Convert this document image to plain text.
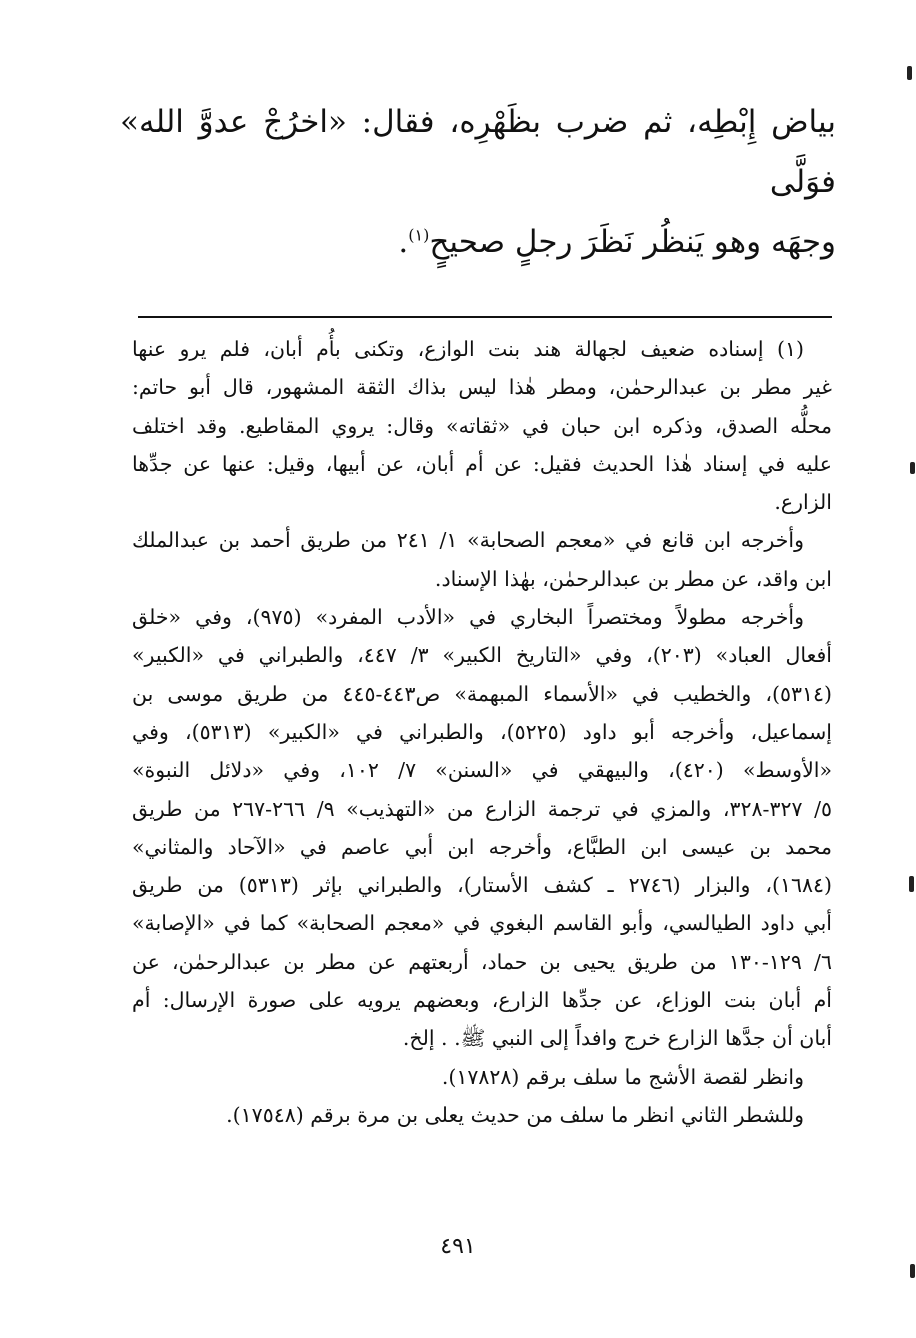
بياض إِبْطِه، ثم ضرب بظَهْرِه، فقال: «اخرُجْ عدوَّ الله» فوَلَّى
وجهَه وهو يَنظُر نَظَرَ رجلٍ صحيحٍ$^{(١)}$.

(١) إسناده ضعيف لجهالة هند بنت الوازع، وتكنى بأُم أبان، فلم يرو عنها
غير مطر بن عبدالرحمٰن، ومطر هٰذا ليس بذاك الثقة المشهور، قال أبو حاتم:
محلُّه الصدق، وذكره ابن حبان في «ثقاته» وقال: يروي المقاطيع. وقد اختلف
عليه في إسناد هٰذا الحديث فقيل: عن أم أبان، عن أبيها، وقيل: عنها عن جدِّها
الزارع.

وأخرجه ابن قانع في «معجم الصحابة» ١/ ٢٤١ من طريق أحمد بن عبدالملك
ابن واقد، عن مطر بن عبدالرحمٰن، بهٰذا الإسناد.

وأخرجه مطولاً ومختصراً البخاري في «الأدب المفرد» (٩٧٥)، وفي «خلق
أفعال العباد» (٢٠٣)، وفي «التاريخ الكبير» ٣/ ٤٤٧، والطبراني في «الكبير»
(٥٣١٤)، والخطيب في «الأسماء المبهمة» ص٤٤٣-٤٤٥ من طريق موسى بن
إسماعيل، وأخرجه أبو داود (٥٢٢٥)، والطبراني في «الكبير» (٥٣١٣)، وفي
«الأوسط» (٤٢٠)، والبيهقي في «السنن» ٧/ ١٠٢، وفي «دلائل النبوة»
٥/ ٣٢٧-٣٢٨، والمزي في ترجمة الزارع من «التهذيب» ٩/ ٢٦٦-٢٦٧ من طريق
محمد بن عيسى ابن الطبَّاع، وأخرجه ابن أبي عاصم في «الآحاد والمثاني»
(١٦٨٤)، والبزار (٢٧٤٦ ـ كشف الأستار)، والطبراني بإثر (٥٣١٣) من طريق
أبي داود الطيالسي، وأبو القاسم البغوي في «معجم الصحابة» كما في «الإصابة»
٦/ ١٢٩-١٣٠ من طريق يحيى بن حماد، أربعتهم عن مطر بن عبدالرحمٰن، عن
أم أبان بنت الوزاع، عن جدِّها الزارع، وبعضهم يرويه على صورة الإرسال: أم
أبان أن جدَّها الزارع خرج وافداً إلى النبي ﷺ. . إلخ.

وانظر لقصة الأشج ما سلف برقم (١٧٨٢٨).

وللشطر الثاني انظر ما سلف من حديث يعلى بن مرة برقم (١٧٥٤٨).

٤٩١
